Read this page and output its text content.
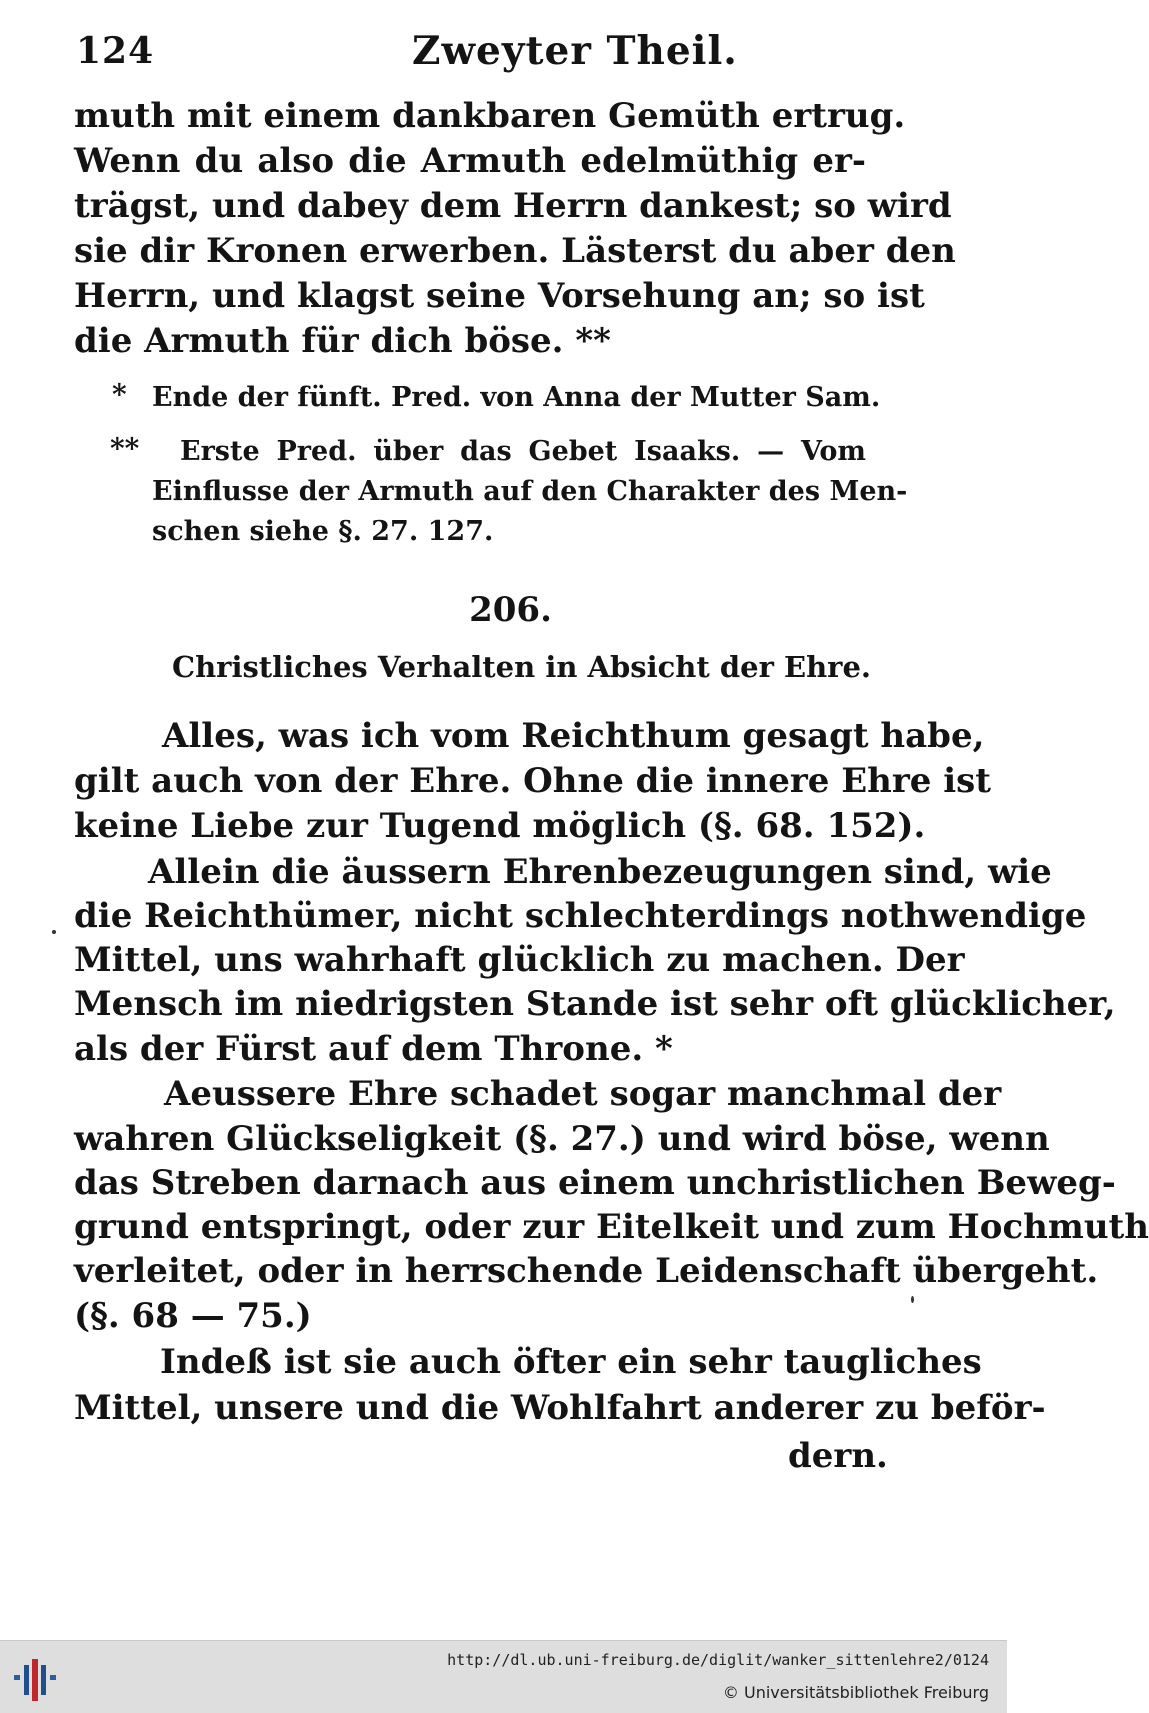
124	Zweyter Theil.
muth mit einem dankbaren Gemüth ertrug.
Wenn du also die Armuth edelmüthig er-
trägst, und dabey dem Herrn dankest; so wird
sie dir Kronen erwerben. Lästerst du aber den
Herrn, und klagst seine Vorsehung an; so ist
die Armuth für dich böse. **
* Ende der fünft. Pred. von Anna der Mutter Sam.
** Erste Pred. über das Gebet Isaaks. — Vom
Einflusse der Armuth auf den Charakter des Men-
schen siehe §. 27. 127.
206.
Christliches Verhalten in Absicht der Ehre.
Alles, was ich vom Reichthum gesagt habe,
gilt auch von der Ehre. Ohne die innere Ehre ist
keine Liebe zur Tugend möglich (§. 68. 152).
Allein die äussern Ehrenbezeugungen sind, wie
die Reichthümer, nicht schlechterdings nothwendige
Mittel, uns wahrhaft glücklich zu machen. Der
Mensch im niedrigsten Stande ist sehr oft glücklicher,
als der Fürst auf dem Throne. *
Aeussere Ehre schadet sogar manchmal der
wahren Glückseligkeit (§. 27.) und wird böse, wenn
das Streben darnach aus einem unchristlichen Beweg-
grund entspringt, oder zur Eitelkeit und zum Hochmuth
verleitet, oder in herrschende Leidenschaft übergeht.
(§. 68 — 75.)
Indeß ist sie auch öfter ein sehr taugliches
Mittel, unsere und die Wohlfahrt anderer zu beför-
dern.
http://dl.ub.uni-freiburg.de/diglit/wanker_sittenlehre2/0124
© Universitätsbibliothek Freiburg
